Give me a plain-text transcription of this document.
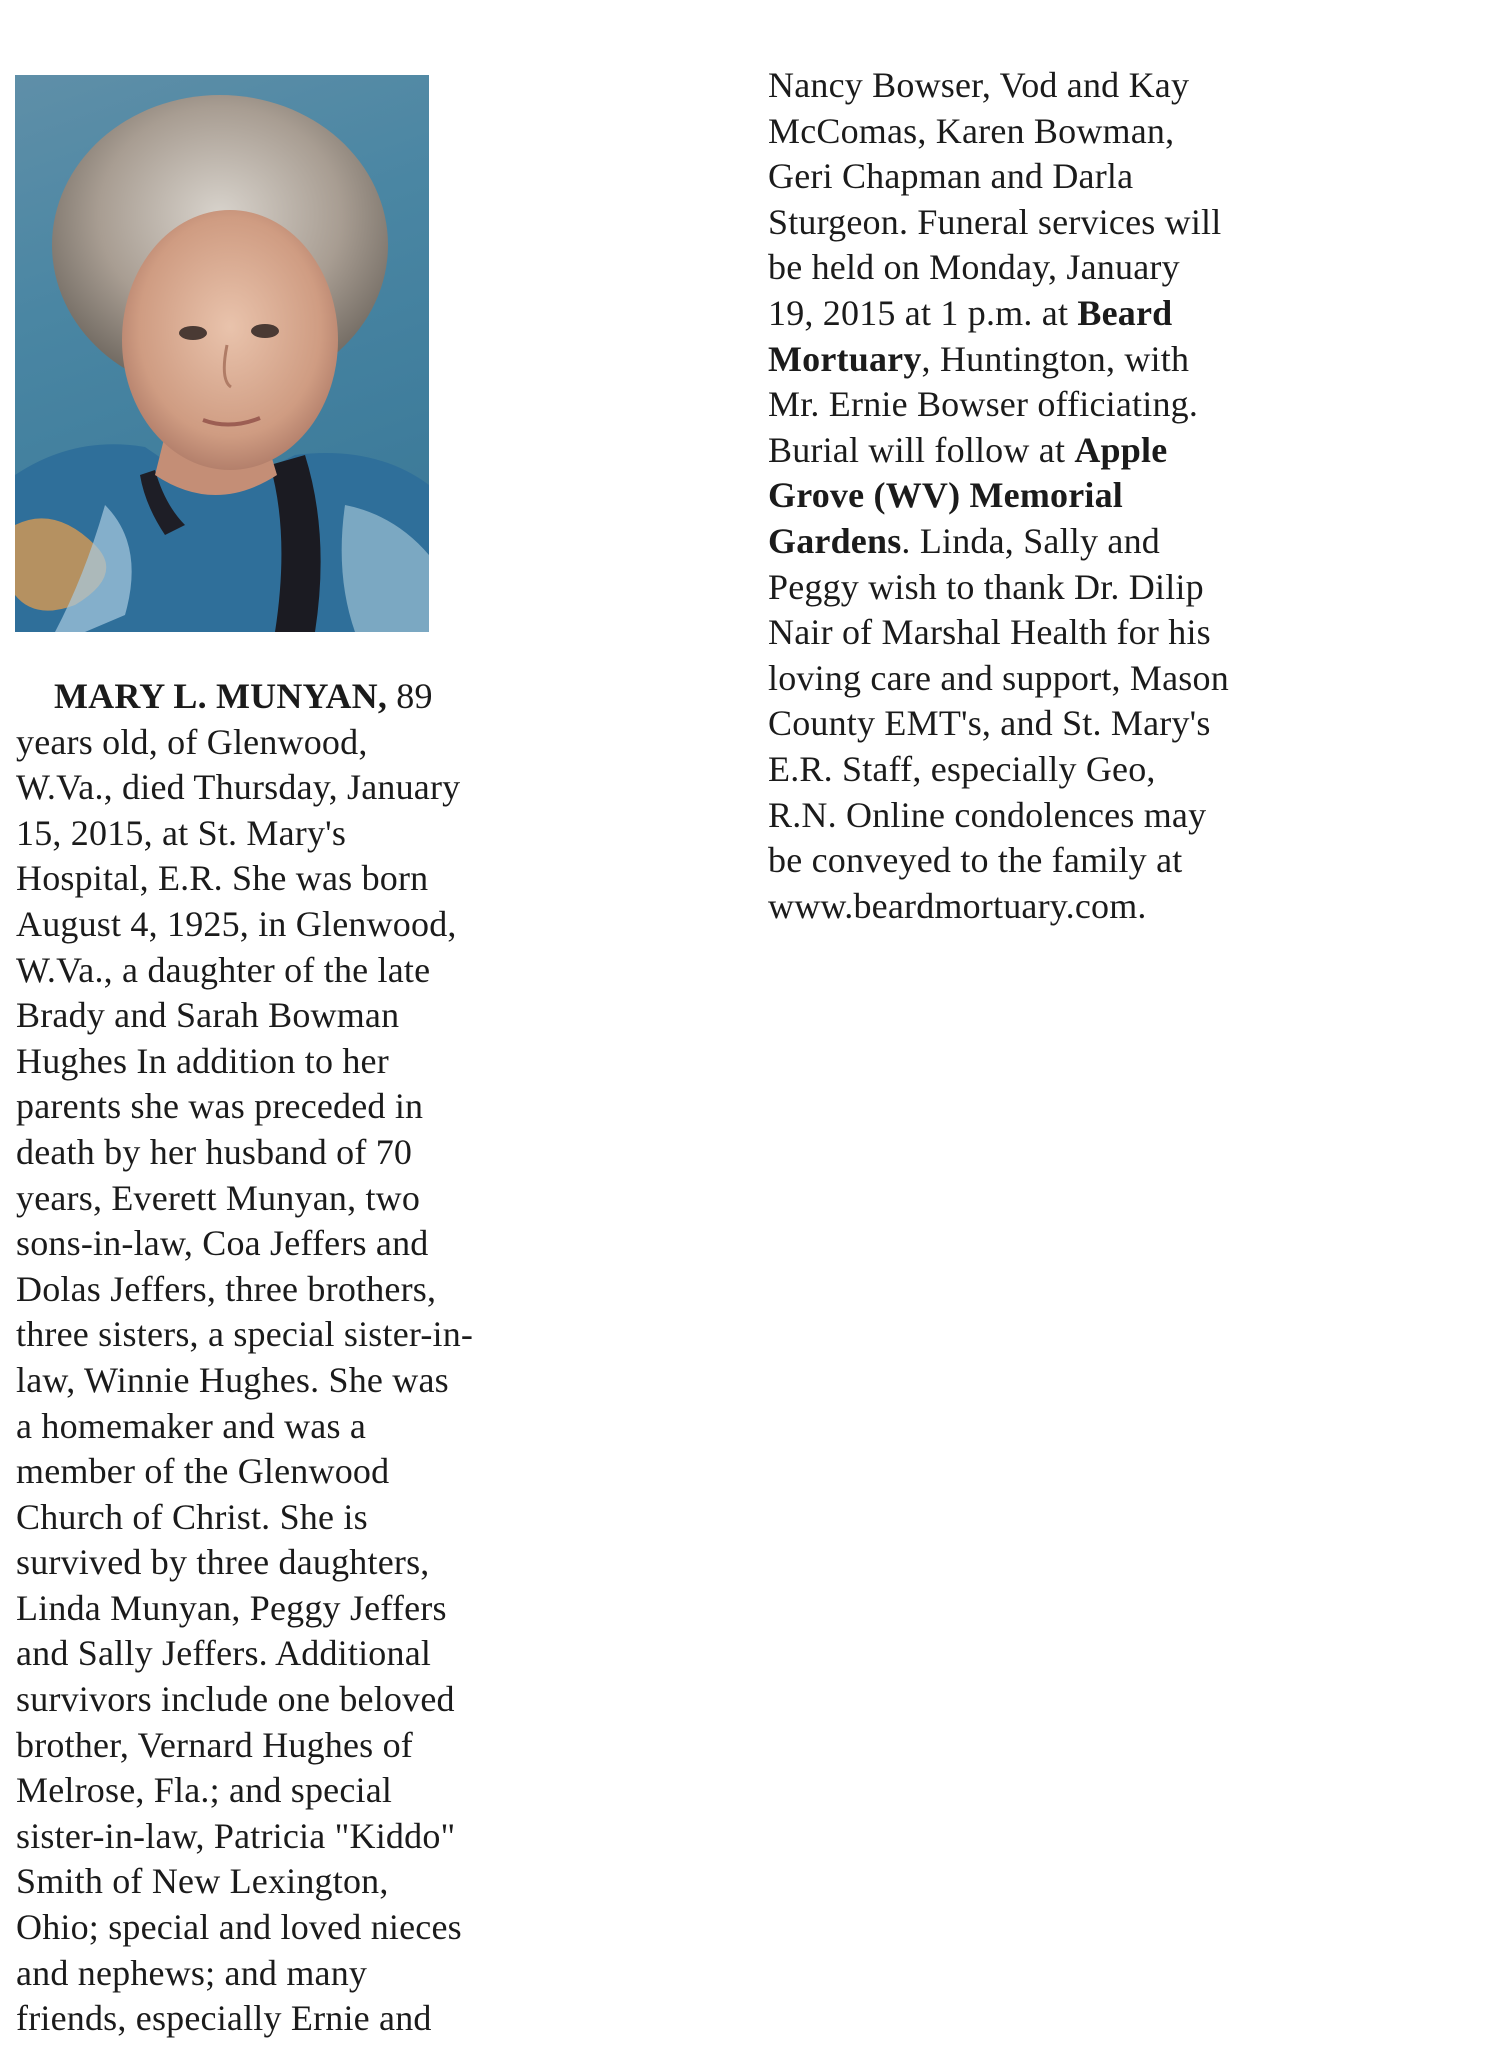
MARY L. MUNYAN, 89
years old, of Glenwood,
W.Va., died Thursday, January
15, 2015, at St. Mary's
Hospital, E.R. She was born
August 4, 1925, in Glenwood,
W.Va., a daughter of the late
Brady and Sarah Bowman
Hughes In addition to her
parents she was preceded in
death by her husband of 70
years, Everett Munyan, two
sons-in-law, Coa Jeffers and
Dolas Jeffers, three brothers,
three sisters, a special sister-in-
law, Winnie Hughes. She was
a homemaker and was a
member of the Glenwood
Church of Christ. She is
survived by three daughters,
Linda Munyan, Peggy Jeffers
and Sally Jeffers. Additional
survivors include one beloved
brother, Vernard Hughes of
Melrose, Fla.; and special
sister-in-law, Patricia "Kiddo"
Smith of New Lexington,
Ohio; special and loved nieces
and nephews; and many
friends, especially Ernie and
Nancy Bowser, Vod and Kay
McComas, Karen Bowman,
Geri Chapman and Darla
Sturgeon. Funeral services will
be held on Monday, January
19, 2015 at 1 p.m. at Beard
Mortuary, Huntington, with
Mr. Ernie Bowser officiating.
Burial will follow at Apple
Grove (WV) Memorial
Gardens. Linda, Sally and
Peggy wish to thank Dr. Dilip
Nair of Marshal Health for his
loving care and support, Mason
County EMT's, and St. Mary's
E.R. Staff, especially Geo,
R.N. Online condolences may
be conveyed to the family at
www.beardmortuary.com.
